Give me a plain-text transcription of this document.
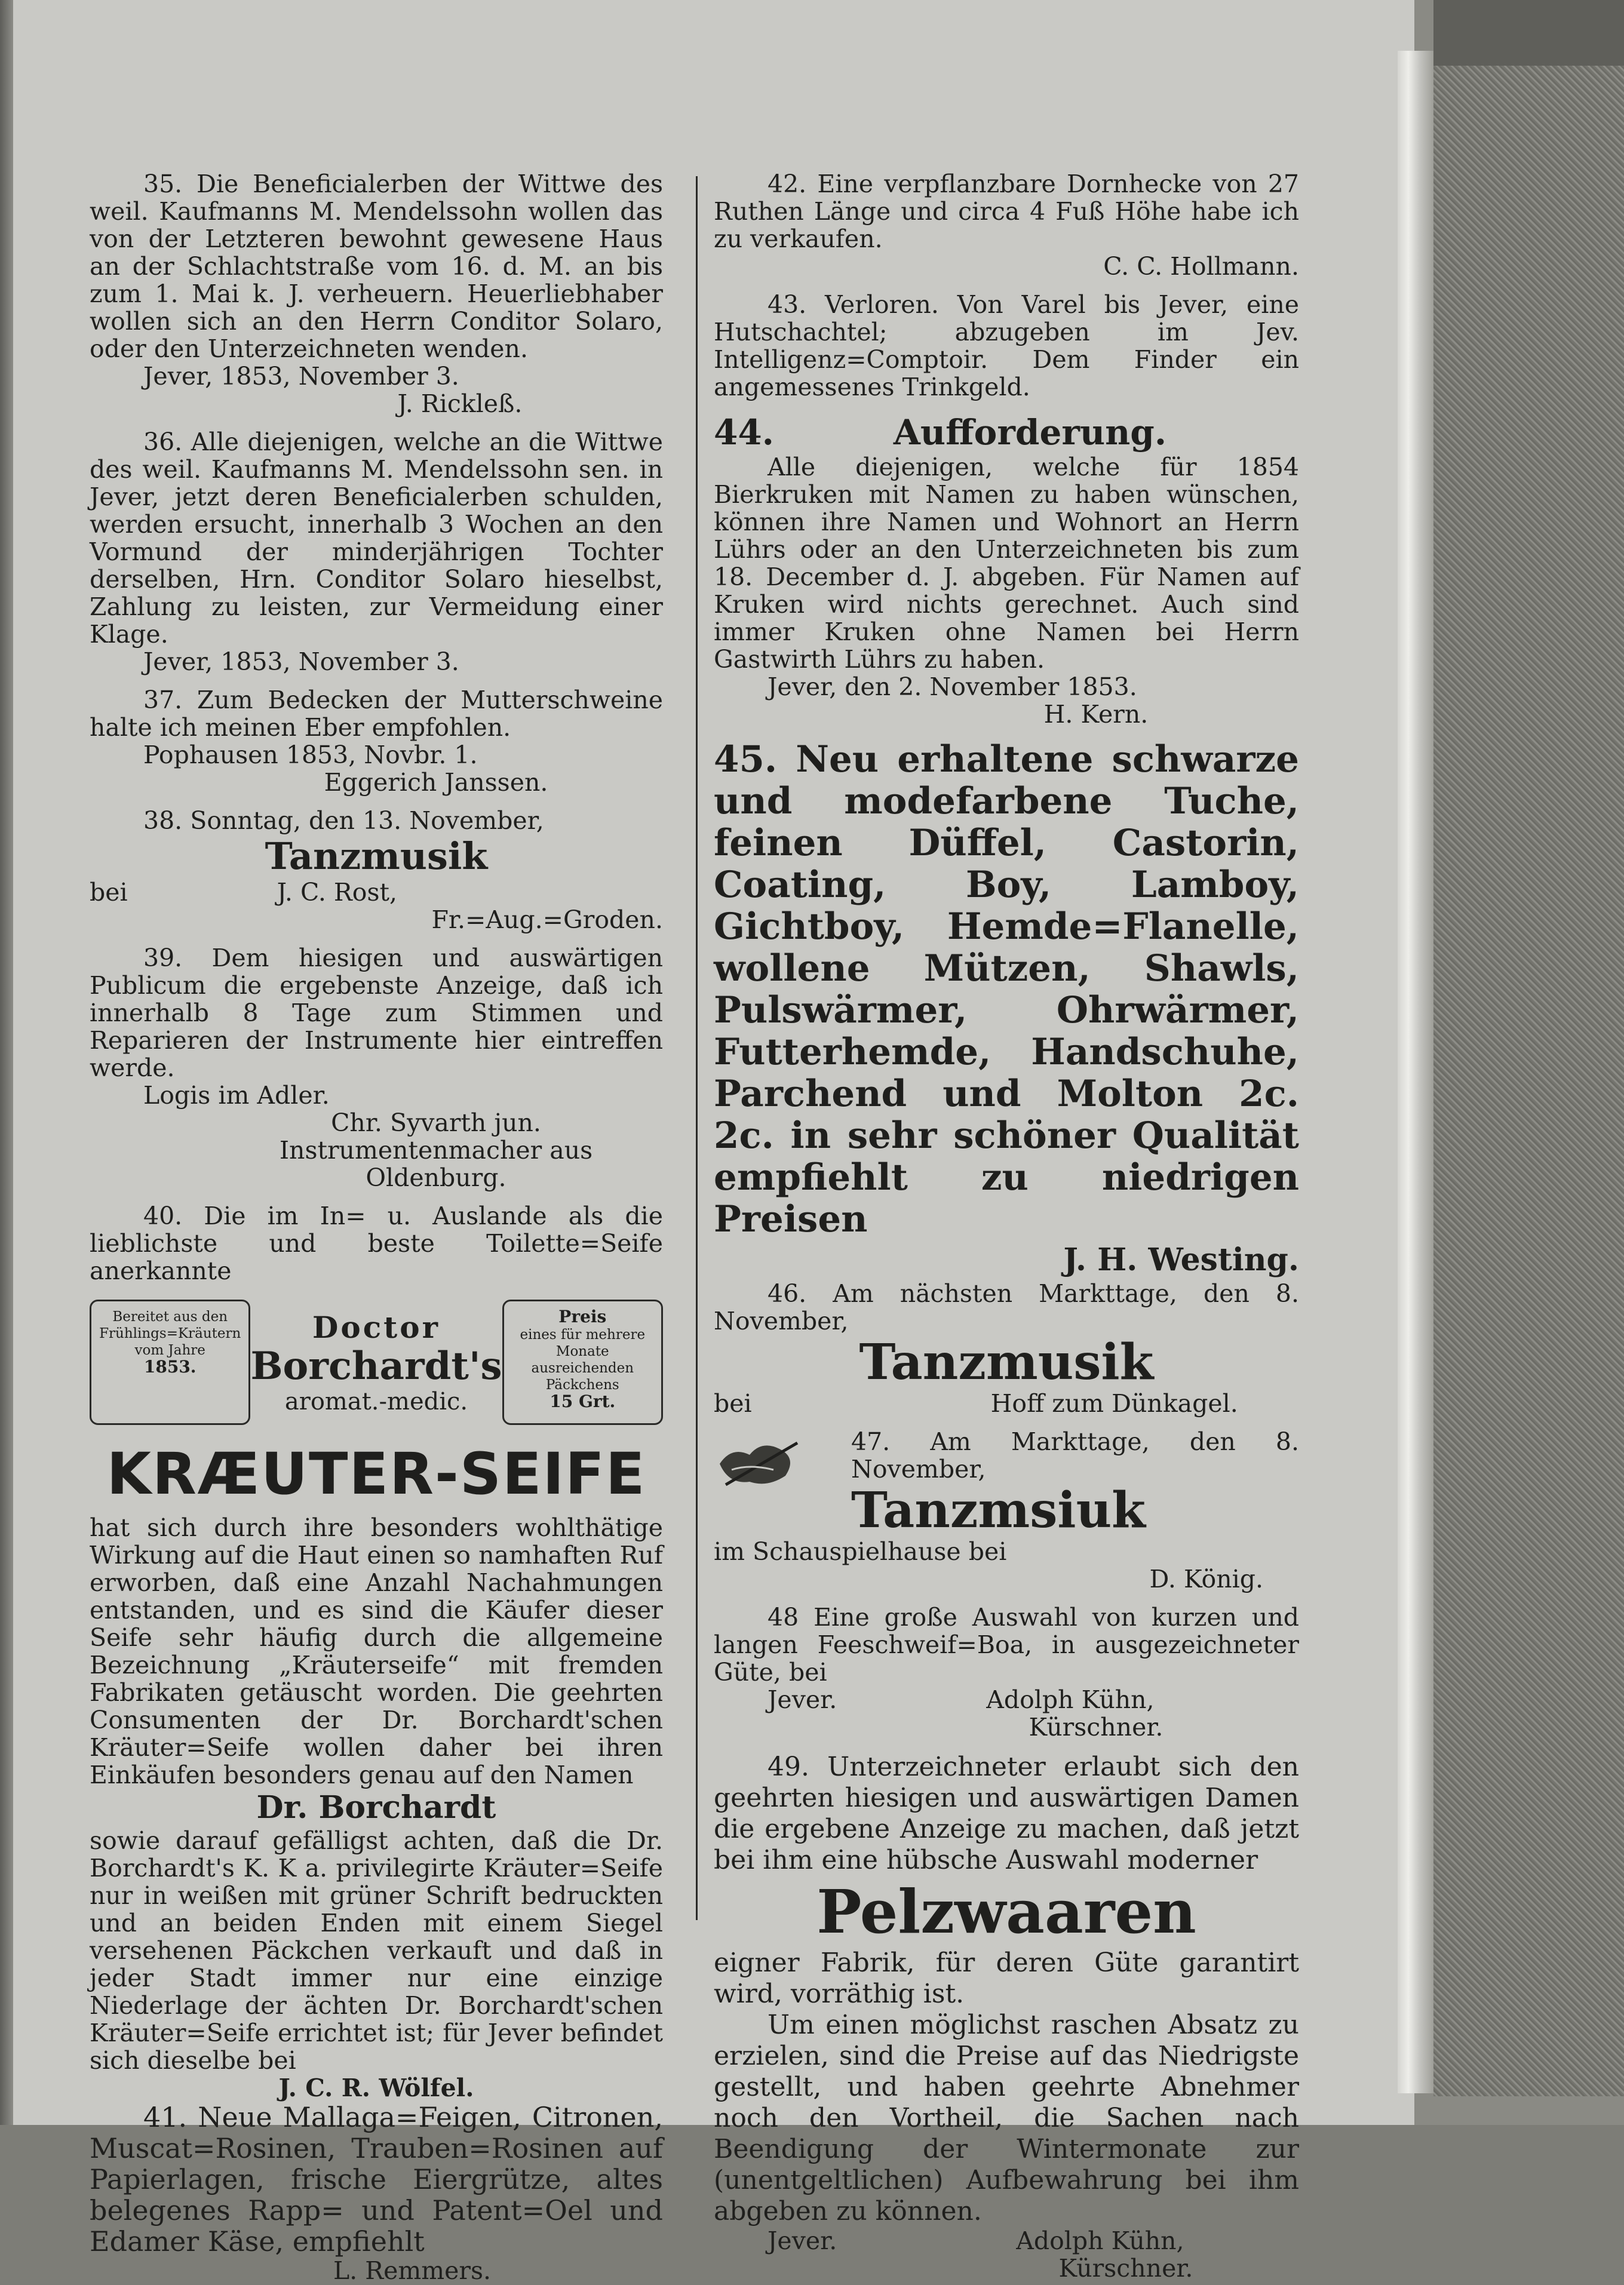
35. Die Beneficialerben der Wittwe des weil. Kaufmanns M. Mendelssohn wollen das von der Letzteren bewohnt gewesene Haus an der Schlachtstraße vom 16. d. M. an bis zum 1. Mai k. J. verheuern. Heuerliebhaber wollen sich an den Herrn Conditor Solaro, oder den Unterzeichneten wenden.

Jever, 1853, November 3.

J. Rickleß.

36. Alle diejenigen, welche an die Wittwe des weil. Kaufmanns M. Mendelssohn sen. in Jever, jetzt deren Beneficialerben schulden, werden ersucht, innerhalb 3 Wochen an den Vormund der minderjährigen Tochter derselben, Hrn. Conditor Solaro hieselbst, Zahlung zu leisten, zur Vermeidung einer Klage.

Jever, 1853, November 3.

37. Zum Bedecken der Mutterschweine halte ich meinen Eber empfohlen.

Pophausen 1853, Novbr. 1.

Eggerich Janssen.

38. Sonntag, den 13. November,

Tanzmusik

bei	J. C. Rost,

Fr.=Aug.=Groden.

39. Dem hiesigen und auswärtigen Publicum die ergebenste Anzeige, daß ich innerhalb 8 Tage zum Stimmen und Reparieren der Instrumente hier eintreffen werde.

Logis im Adler.

Chr. Syvarth jun.

Instrumentenmacher aus Oldenburg.

40. Die im In= u. Auslande als die lieblichste und beste Toilette=Seife anerkannte

Bereitet aus den
Frühlings=Kräutern
vom Jahre
1853.
Doctor
Borchardt's
aromat.-medic.
Preis
eines für mehrere
Monate ausreichenden
Päckchens
15 Grt.
KRÆUTER-SEIFE

hat sich durch ihre besonders wohlthätige Wirkung auf die Haut einen so namhaften Ruf erworben, daß eine Anzahl Nachahmungen entstanden, und es sind die Käufer dieser Seife sehr häufig durch die allgemeine Bezeichnung „Kräuterseife“ mit fremden Fabrikaten getäuscht worden. Die geehrten Consumenten der Dr. Borchardt'schen Kräuter=Seife wollen daher bei ihren Einkäufen besonders genau auf den Namen

Dr. Borchardt

sowie darauf gefälligst achten, daß die Dr. Borchardt's K. K a. privilegirte Kräuter=Seife nur in weißen mit grüner Schrift bedruckten und an beiden Enden mit einem Siegel versehenen Päckchen verkauft und daß in jeder Stadt immer nur eine einzige Niederlage der ächten Dr. Borchardt'schen Kräuter=Seife errichtet ist; für Jever befindet sich dieselbe bei

J. C. R. Wölfel.

41. Neue Mallaga=Feigen, Citronen, Muscat=Rosinen, Trauben=Rosinen auf Papierlagen, frische Eiergrütze, altes belegenes Rapp= und Patent=Oel und Edamer Käse, empfiehlt

L. Remmers.

42. Eine verpflanzbare Dornhecke von 27 Ruthen Länge und circa 4 Fuß Höhe habe ich zu verkaufen.

C. C. Hollmann.

43. Verloren. Von Varel bis Jever, eine Hutschachtel; abzugeben im Jev. Intelligenz=Comptoir. Dem Finder ein angemessenes Trinkgeld.

44.	Aufforderung.

Alle diejenigen, welche für 1854 Bierkruken mit Namen zu haben wünschen, können ihre Namen und Wohnort an Herrn Lührs oder an den Unterzeichneten bis zum 18. December d. J. abgeben. Für Namen auf Kruken wird nichts gerechnet. Auch sind immer Kruken ohne Namen bei Herrn Gastwirth Lührs zu haben.

Jever, den 2. November 1853.

H. Kern.

45. Neu erhaltene schwarze und modefarbene Tuche, feinen Düffel, Castorin, Coating, Boy, Lamboy, Gichtboy, Hemde=Flanelle, wollene Mützen, Shawls, Pulswärmer, Ohrwärmer, Futterhemde, Handschuhe, Parchend und Molton 2c. 2c. in sehr schöner Qualität empfiehlt zu niedrigen Preisen

J. H. Westing.

46. Am nächsten Markttage, den 8. November,

Tanzmusik

bei	Hoff zum Dünkagel.

47. Am Markttage, den 8. November,

Tanzmsiuk

im Schauspielhause bei

D. König.

48 Eine große Auswahl von kurzen und langen Feeschweif=Boa, in ausgezeichneter Güte, bei

Jever.	Adolph Kühn,

Kürschner.

49. Unterzeichneter erlaubt sich den geehrten hiesigen und auswärtigen Damen die ergebene Anzeige zu machen, daß jetzt bei ihm eine hübsche Auswahl moderner

Pelzwaaren

eigner Fabrik, für deren Güte garantirt wird, vorräthig ist.

Um einen möglichst raschen Absatz zu erzielen, sind die Preise auf das Niedrigste gestellt, und haben geehrte Abnehmer noch den Vortheil, die Sachen nach Beendigung der Wintermonate zur (unentgeltlichen) Aufbewahrung bei ihm abgeben zu können.

Jever.	Adolph Kühn,

Kürschner.
